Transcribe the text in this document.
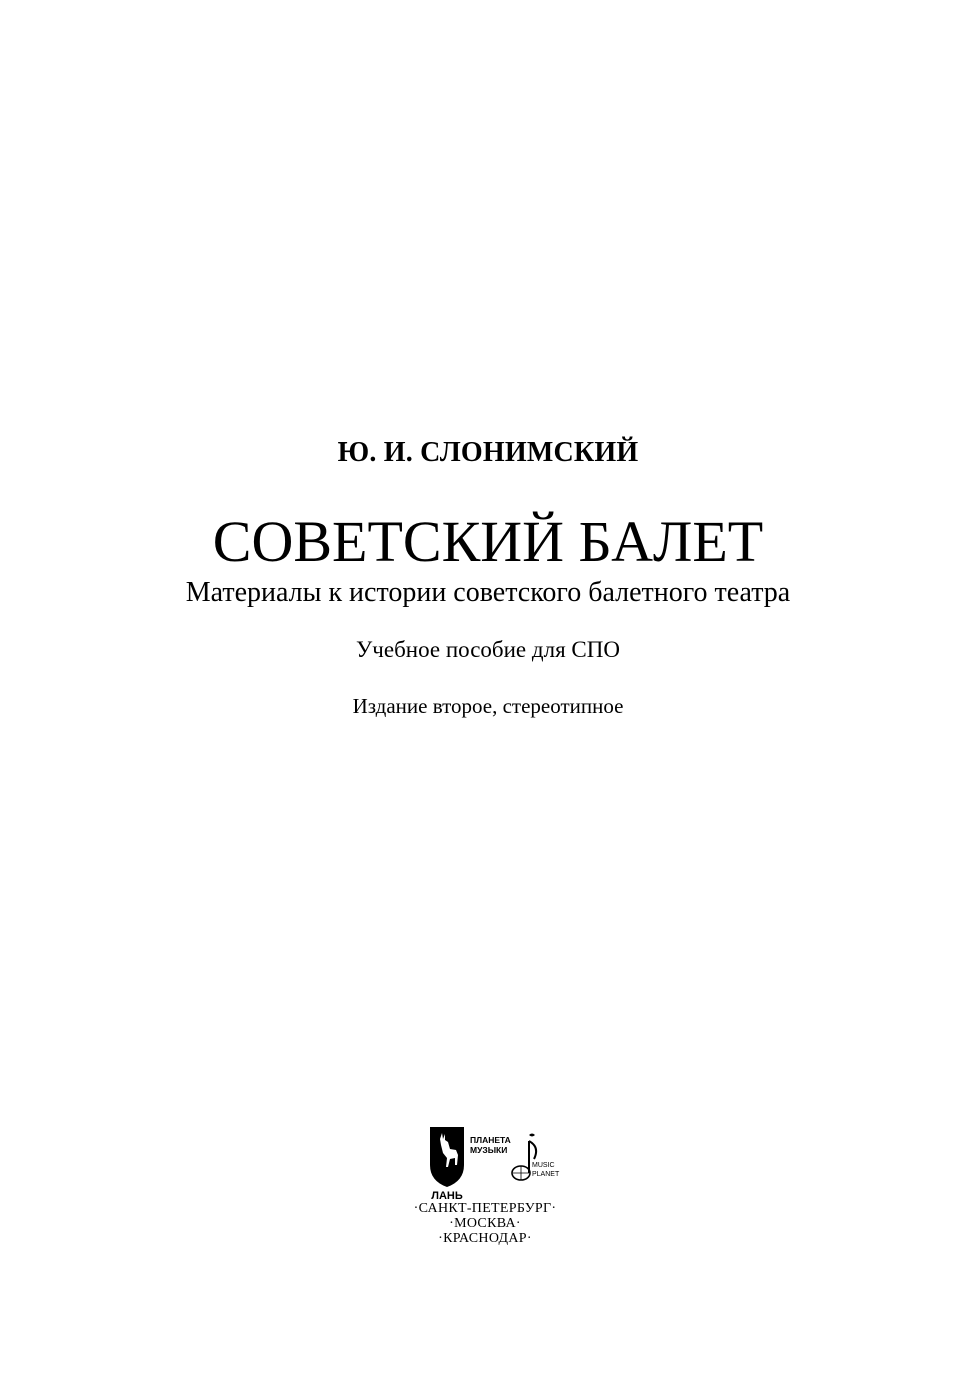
Ю. И. СЛОНИМСКИЙ
СОВЕТСКИЙ БАЛЕТ
Материалы к истории советского балетного театра
Учебное пособие для СПО
Издание второе, стереотипное
ЛАНЬ
ПЛАНЕТА
МУЗЫКИ
MUSIC
PLANET
·САНКТ-ПЕТЕРБУРГ·
·МОСКВА·
·КРАСНОДАР·
